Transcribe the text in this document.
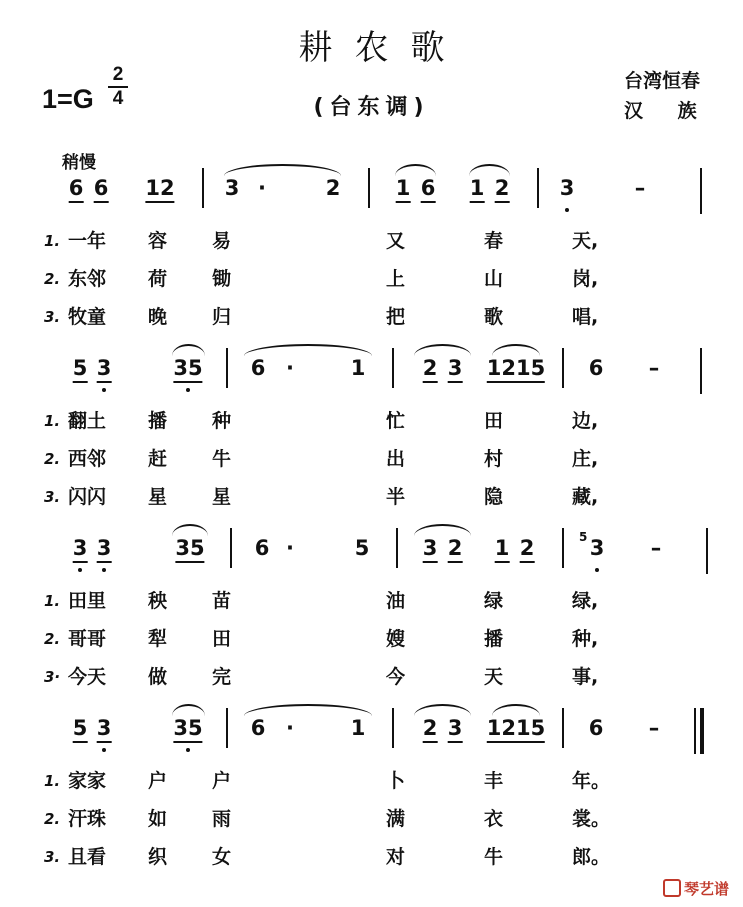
耕农歌
(台东调)
1=G
2
4
台湾恒春
汉 族
稍慢
6 6 12 3 ·	2	1 6 1 2 3	–
1. 一年 容 易	又	春	天,
2. 东邻 荷 锄	上	山	岗,
3. 牧童 晚 归	把	歌	唱,
5 3	35 6 ·	1	2 3 1215 6 –
1. 翻土 播 种	忙	田	边,
2. 西邻 赶 牛	出	村	庄,
3. 闪闪 星 星	半	隐	藏,
3 3	35 6 ·	5	3 2 1 2	3 –
5
1. 田里 秧 苗	油	绿	绿,
2. 哥哥 犁 田	嫂	播	种,
3· 今天 做 完	今	天	事,
5 3	35 6 ·	1	2 3 1215 6 –
1. 家家 户 户	卜	丰	年。
2. 汗珠 如 雨	满	衣	裳。
3. 且看 织 女	对	牛	郎。
琴艺谱
